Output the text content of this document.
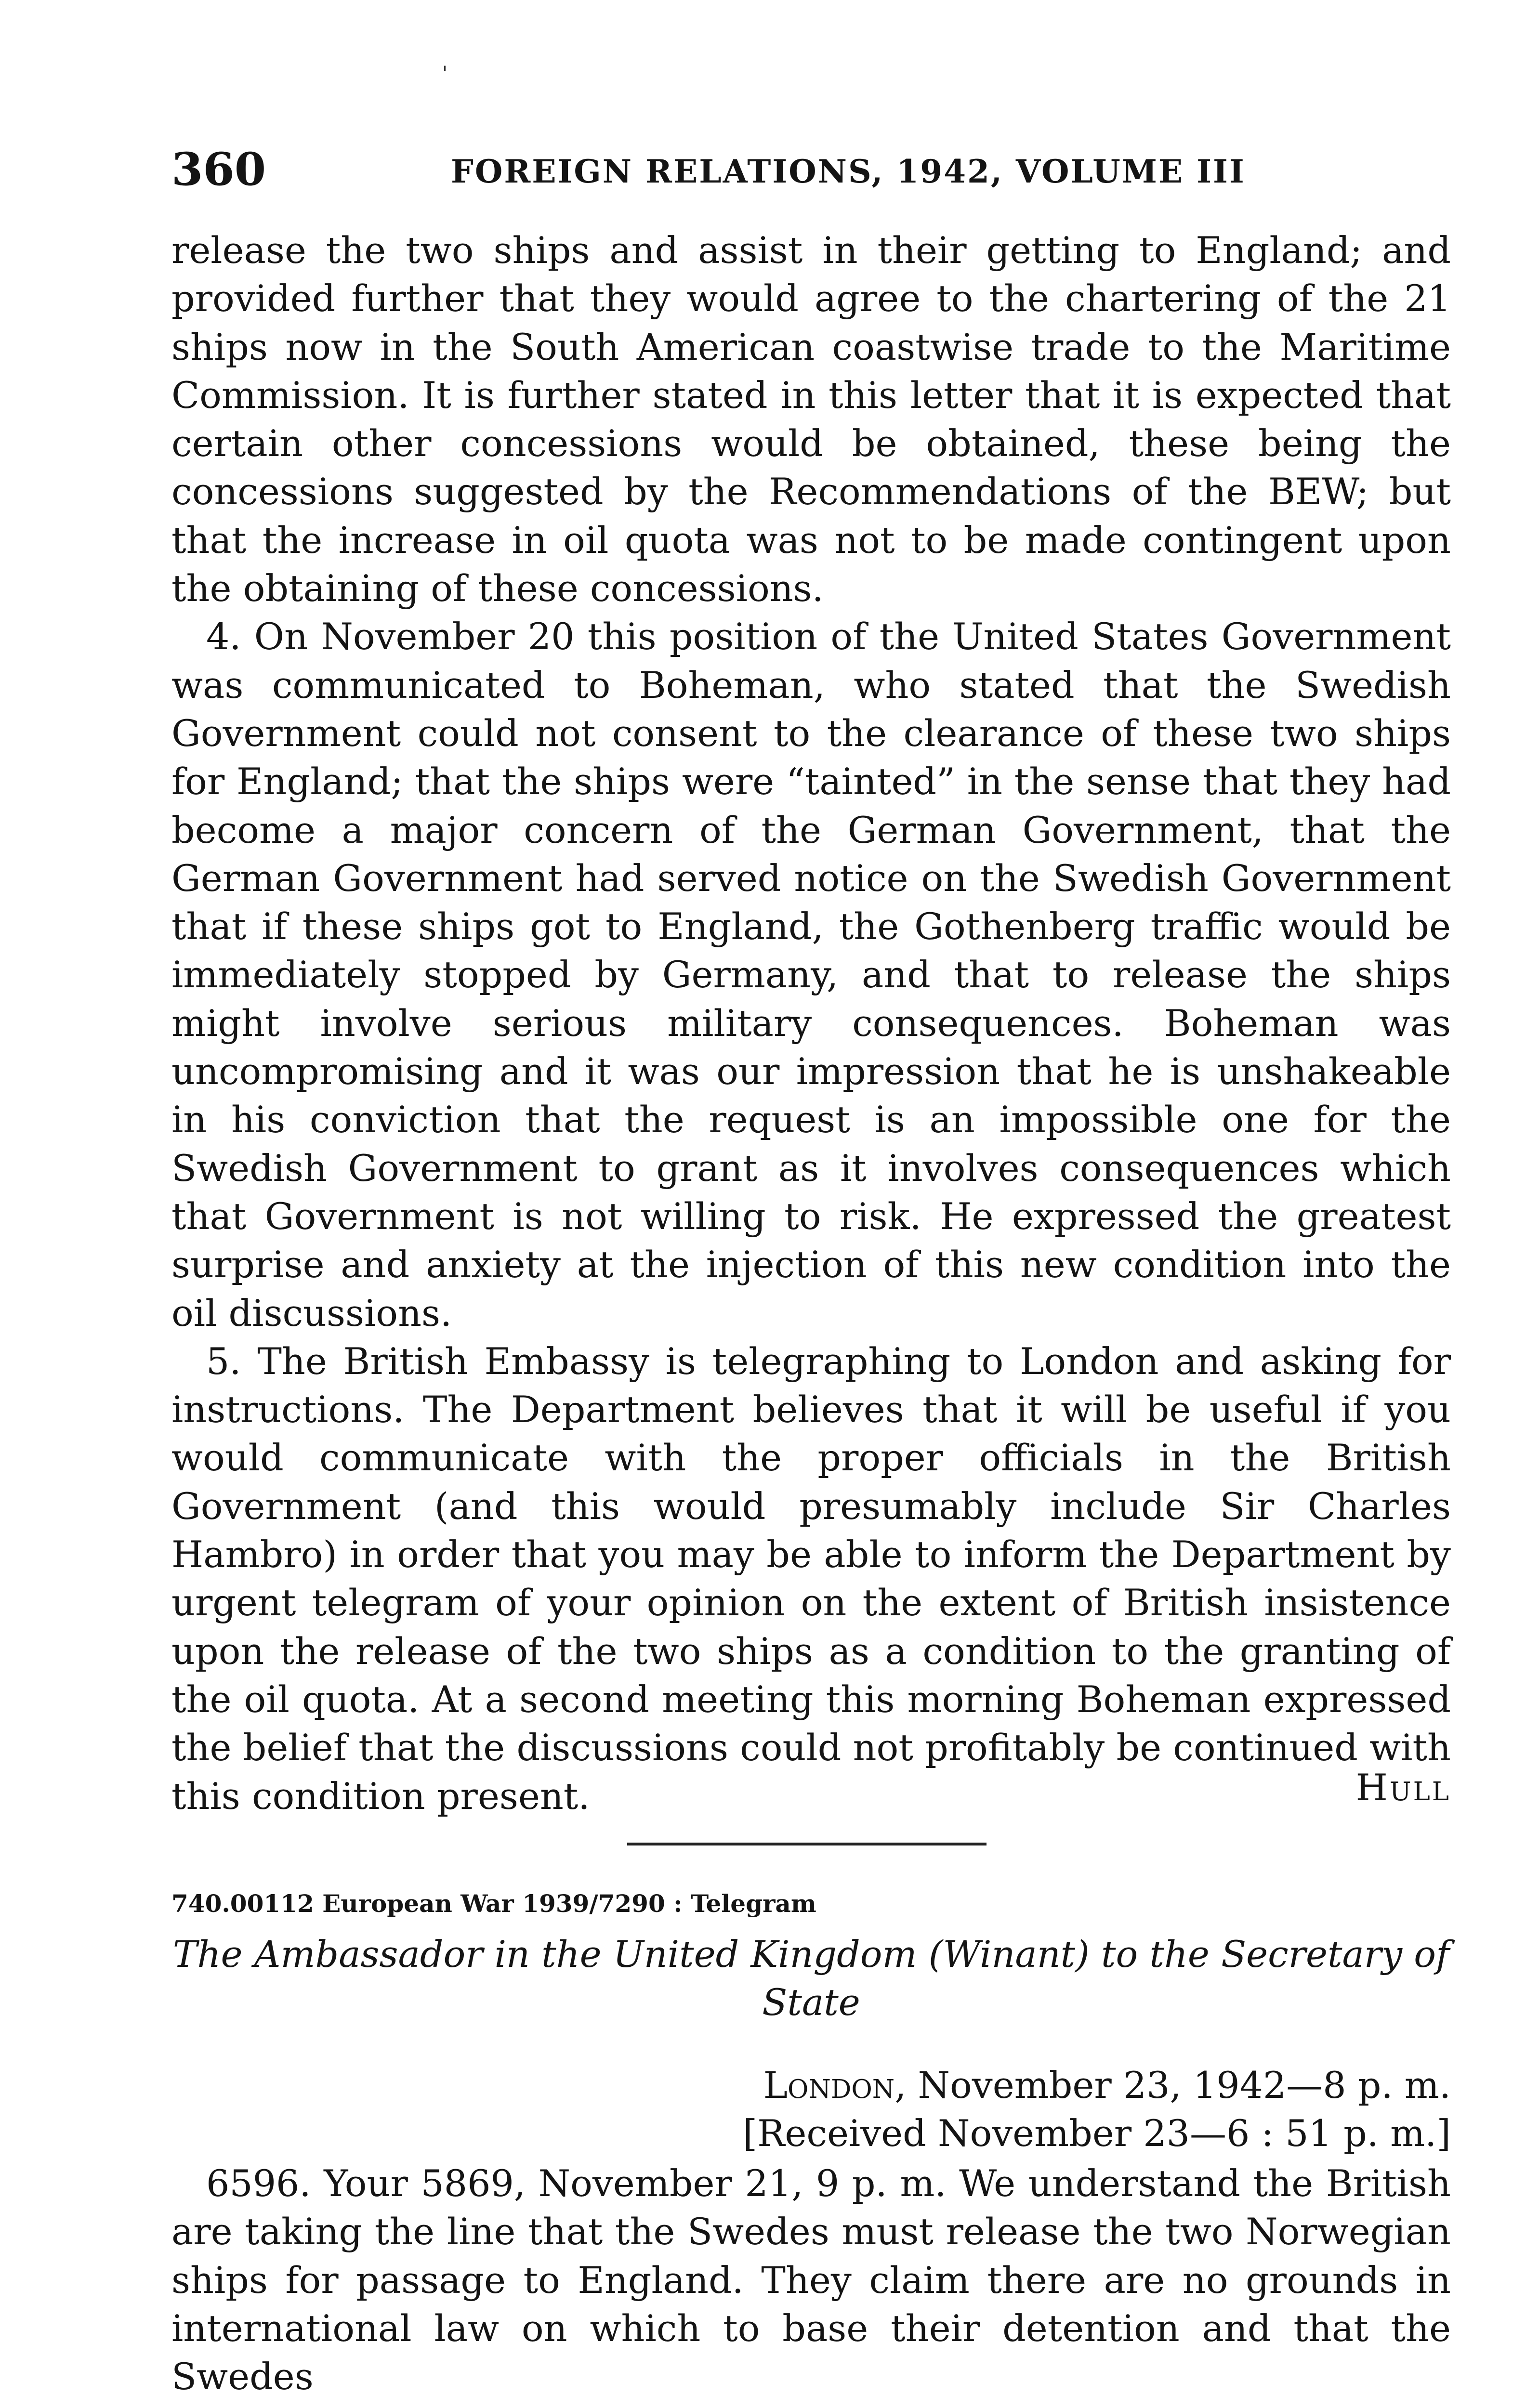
'
360	FOREIGN RELATIONS, 1942, VOLUME III

release the two ships and assist in their getting to England; and provided further that they would agree to the chartering of the 21 ships now in the South American coastwise trade to the Maritime Commission. It is further stated in this letter that it is expected that certain other concessions would be obtained, these being the concessions suggested by the Recommendations of the BEW; but that the increase in oil quota was not to be made contingent upon the obtaining of these concessions.

4. On November 20 this position of the United States Government was communicated to Boheman, who stated that the Swedish Government could not consent to the clearance of these two ships for England; that the ships were “tainted” in the sense that they had become a major concern of the German Government, that the German Government had served notice on the Swedish Government that if these ships got to England, the Gothenberg traffic would be immediately stopped by Germany, and that to release the ships might involve serious military consequences. Boheman was uncompromising and it was our impression that he is unshakeable in his conviction that the request is an impossible one for the Swedish Government to grant as it involves consequences which that Government is not willing to risk. He expressed the greatest surprise and anxiety at the injection of this new condition into the oil discussions.

5. The British Embassy is telegraphing to London and asking for instructions. The Department believes that it will be useful if you would communicate with the proper officials in the British Government (and this would presumably include Sir Charles Hambro) in order that you may be able to inform the Department by urgent telegram of your opinion on the extent of British insistence upon the release of the two ships as a condition to the granting of the oil quota. At a second meeting this morning Boheman expressed the belief that the discussions could not profitably be continued with this condition present.	Hull
740.00112 European War 1939/7290 : Telegram
The Ambassador in the United Kingdom (Winant) to the Secretary of State
London, November 23, 1942—8 p. m.
[Received November 23—6 : 51 p. m.]

6596. Your 5869, November 21, 9 p. m. We understand the British are taking the line that the Swedes must release the two Norwegian ships for passage to England. They claim there are no grounds in international law on which to base their detention and that the Swedes
